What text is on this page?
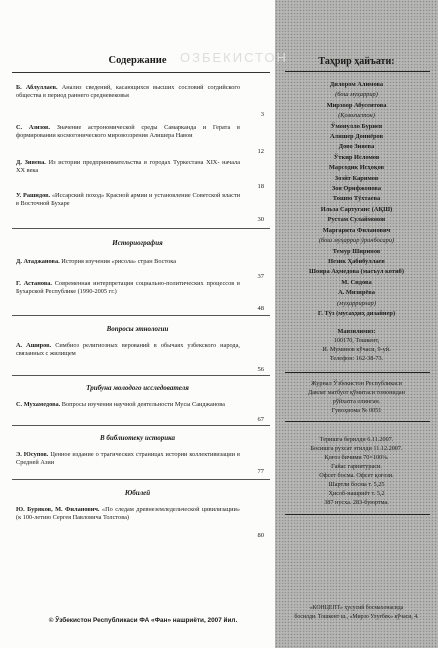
ОЗБЕКИСТОН
Содержание
Б. Аблуллаев. Анализ сведений, касающихся высших сословий согдийского общества в период раннего средневековья
3
С. Азизов. Значение астрономической среды Самарканда и Герата в формировании космогонического мировоззрения Алишера Навои
12
Д. Зияева. Из истории предпринимательства в городах Туркестана XIX- начала XX века
18
У. Рашидов. «Иссарский поход» Красной армии и установление Советской власти в Восточной Бухаре
30
Историография
Д. Атаджанова. История изучения «рисола» стран Востока
37
Г. Астанова. Современная интерпретация социально-политических процессов в Бухарской Республике (1990-2005 гг.)
48
Вопросы этнологии
А. Аширов. Симбиоз религиозных верований в обычаях узбекского народа, связанных с жилищем
56
Трибуна молодого исследователя
С. Мухамедова. Вопросы изучения научной деятельности Мусы Саиджанова
67
В библиотеку историка
Э. Юсупов. Ценное издание о трагических страницах истории коллективизации в Средней Азии
77
Юбилей
Ю. Буряков, М. Филанович. «По следам древнеземледельческой цивилизации» (к 100-летию Сергея Павловича Толстова)
80
© Ўзбекистон Республикаси ФА «Фан» нашриёти, 2007 йил.
Таҳрир ҳайъати:
Дилором Алимова
(бош муҳаррир)
Мирзоор Абусеитова
(Қозоғистон)
Ўмонулло Буриев
Алишер Дониёров
Дово Зияева
Ўткир Исломов
Марсодик Исҳоқов
Зоэйт Каримов
Зоя Орифжонова
Тошпо Тўхтаева
Ильза Сартуганс (АҚШ)
Рустам Сулаймонов
Маргарита Филанович
(бош муҳаррир ўринбосари)
Темур Ширинов
Незик Ҳабибуллаев
Шоира Аҳмедова (масъул котиб)
М. Сидова
А. Мизирёва
(муҳаррирлар)
Г. Тўз (мусаҳҳиҳ дизайнер)
Манзилимиз:
100170, Тошкент,
И. Муминов кўчаси, 9-уй.
Телефон: 162-38-73.
Журнал Ўзбекистон Республикаси
Давлат матбуот қўмитаси томонидан
рўйхатга олинган.
Гувоҳнома № 0051
Теришга берилди 6.11.2007.
Босишга рухсат этилди 11.12.2007.
Қоғоз бичими 70×100⅛.
Гайас гарнитураси.
Офсет босма. Офсет қоғози.
Шартли босма т. 5,25
Ҳисоб-нашриёт т. 5,2
387 нусха. 283-буюртма.
«КОНЦЕПТ» ҳусусий босмаxонасида
босилди. Тошкент ш., «Мирзо Улуғбек» кўчаси, 4.
